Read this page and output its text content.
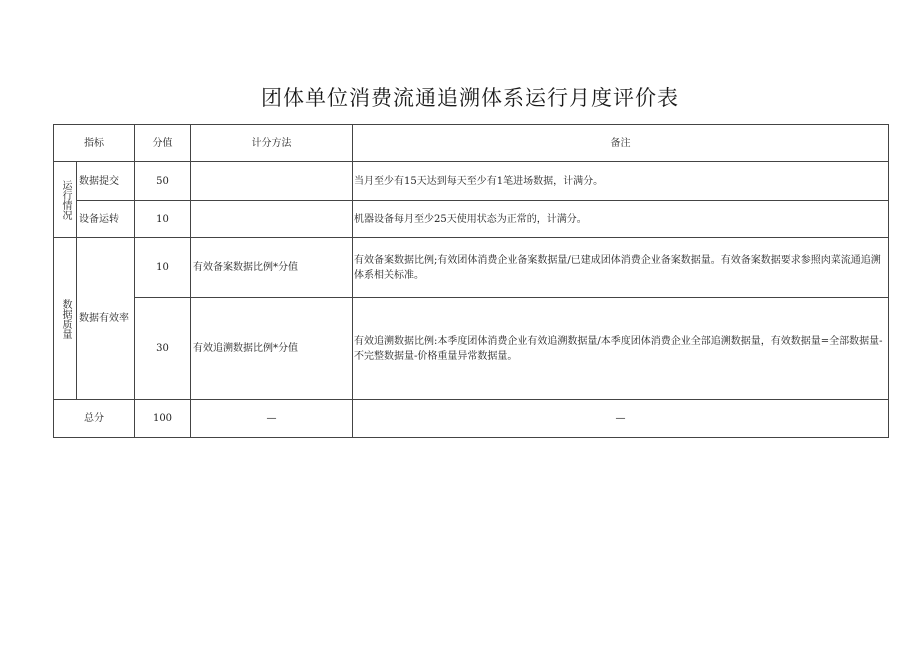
团体单位消费流通追溯体系运行月度评价表
指标		分值	计分方法	备注

运行情况	数据提交	50		当月至少有15天达到每天至少有1笔进场数据，计满分。
	设备运转	10		机器设备每月至少25天使用状态为正常的，计满分。

数据质量	数据有效率	10	有效备案数据比例*分值	有效备案数据比例;有效团体消费企业备案数据量/已建成团体消费企业备案数据量。有效备案数据要求参照肉菜流通追溯体系相关标准。
		30	有效追溯数据比例*分值	有效追溯数据比例:本季度团体消费企业有效追溯数据量/本季度团体消费企业全部追溯数据量，有效数据量=全部数据量-不完整数据量-价格重量异常数据量。
总分		100	—	—
